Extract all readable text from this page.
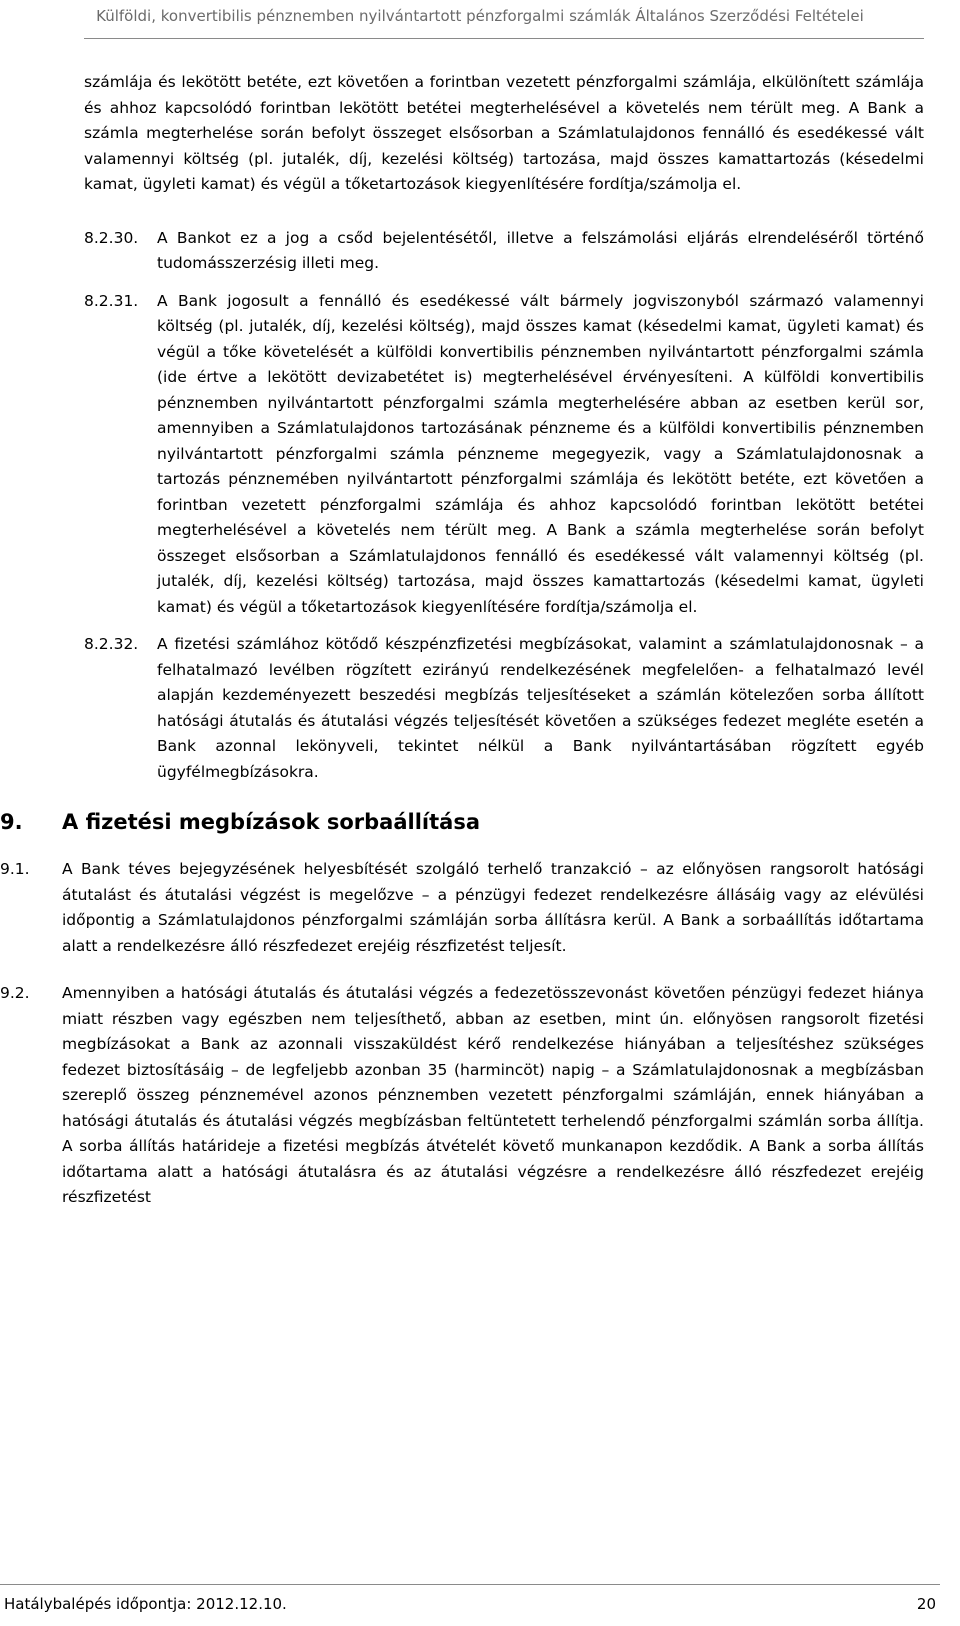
Külföldi, konvertibilis pénznemben nyilvántartott pénzforgalmi számlák Általános Szerződési Feltételei

számlája és lekötött betéte, ezt követően a forintban vezetett pénzforgalmi számlája, elkülönített számlája és ahhoz kapcsolódó forintban lekötött betétei megterhelésével a követelés nem térült meg. A Bank a számla megterhelése során befolyt összeget elsősorban a Számlatulajdonos fennálló és esedékessé vált valamennyi költség (pl. jutalék, díj, kezelési költség) tartozása, majd összes kamattartozás (késedelmi kamat, ügyleti kamat) és végül a tőketartozások kiegyenlítésére fordítja/számolja el.

8.2.30.	A Bankot ez a jog a csőd bejelentésétől, illetve a felszámolási eljárás elrendeléséről történő tudomásszerzésig illeti meg.
8.2.31.	A Bank jogosult a fennálló és esedékessé vált bármely jogviszonyból származó valamennyi költség (pl. jutalék, díj, kezelési költség), majd összes kamat (késedelmi kamat, ügyleti kamat) és végül a tőke követelését a külföldi konvertibilis pénznemben nyilvántartott pénzforgalmi számla (ide értve a lekötött devizabetétet is) megterhelésével érvényesíteni. A külföldi konvertibilis pénznemben nyilvántartott pénzforgalmi számla megterhelésére abban az esetben kerül sor, amennyiben a Számlatulajdonos tartozásának pénzneme és a külföldi konvertibilis pénznemben nyilvántartott pénzforgalmi számla pénzneme megegyezik, vagy a Számlatulajdonosnak a tartozás pénznemében nyilvántartott pénzforgalmi számlája és lekötött betéte, ezt követően a forintban vezetett pénzforgalmi számlája és ahhoz kapcsolódó forintban lekötött betétei megterhelésével a követelés nem térült meg. A Bank a számla megterhelése során befolyt összeget elsősorban a Számlatulajdonos fennálló és esedékessé vált valamennyi költség (pl. jutalék, díj, kezelési költség) tartozása, majd összes kamattartozás (késedelmi kamat, ügyleti kamat) és végül a tőketartozások kiegyenlítésére fordítja/számolja el.
8.2.32.	A fizetési számlához kötődő készpénzfizetési megbízásokat, valamint a számlatulajdonosnak – a felhatalmazó levélben rögzített ezirányú rendelkezésének megfelelően- a felhatalmazó levél alapján kezdeményezett beszedési megbízás teljesítéseket a számlán kötelezően sorba állított hatósági átutalás és átutalási végzés teljesítését követően a szükséges fedezet megléte esetén a Bank azonnal lekönyveli, tekintet nélkül a Bank nyilvántartásában rögzített egyéb ügyfélmegbízásokra.
9.	A fizetési megbízások sorbaállítása
9.1.	A Bank téves bejegyzésének helyesbítését szolgáló terhelő tranzakció – az előnyösen rangsorolt hatósági átutalást és átutalási végzést is megelőzve – a pénzügyi fedezet rendelkezésre állásáig vagy az elévülési időpontig a Számlatulajdonos pénzforgalmi számláján sorba állításra kerül. A Bank a sorbaállítás időtartama alatt a rendelkezésre álló részfedezet erejéig részfizetést teljesít.
9.2.	Amennyiben a hatósági átutalás és átutalási végzés a fedezetösszevonást követően pénzügyi fedezet hiánya miatt részben vagy egészben nem teljesíthető, abban az esetben, mint ún. előnyösen rangsorolt fizetési megbízásokat a Bank az azonnali visszaküldést kérő rendelkezése hiányában a teljesítéshez szükséges fedezet biztosításáig – de legfeljebb azonban 35 (harmincöt) napig – a Számlatulajdonosnak a megbízásban szereplő összeg pénznemével azonos pénznemben vezetett pénzforgalmi számláján, ennek hiányában a hatósági átutalás és átutalási végzés megbízásban feltüntetett terhelendő pénzforgalmi számlán sorba állítja. A sorba állítás határideje a fizetési megbízás átvételét követő munkanapon kezdődik. A Bank a sorba állítás időtartama alatt a hatósági átutalásra és az átutalási végzésre a rendelkezésre álló részfedezet erejéig részfizetést
Hatálybalépés időpontja: 2012.12.10.	20
